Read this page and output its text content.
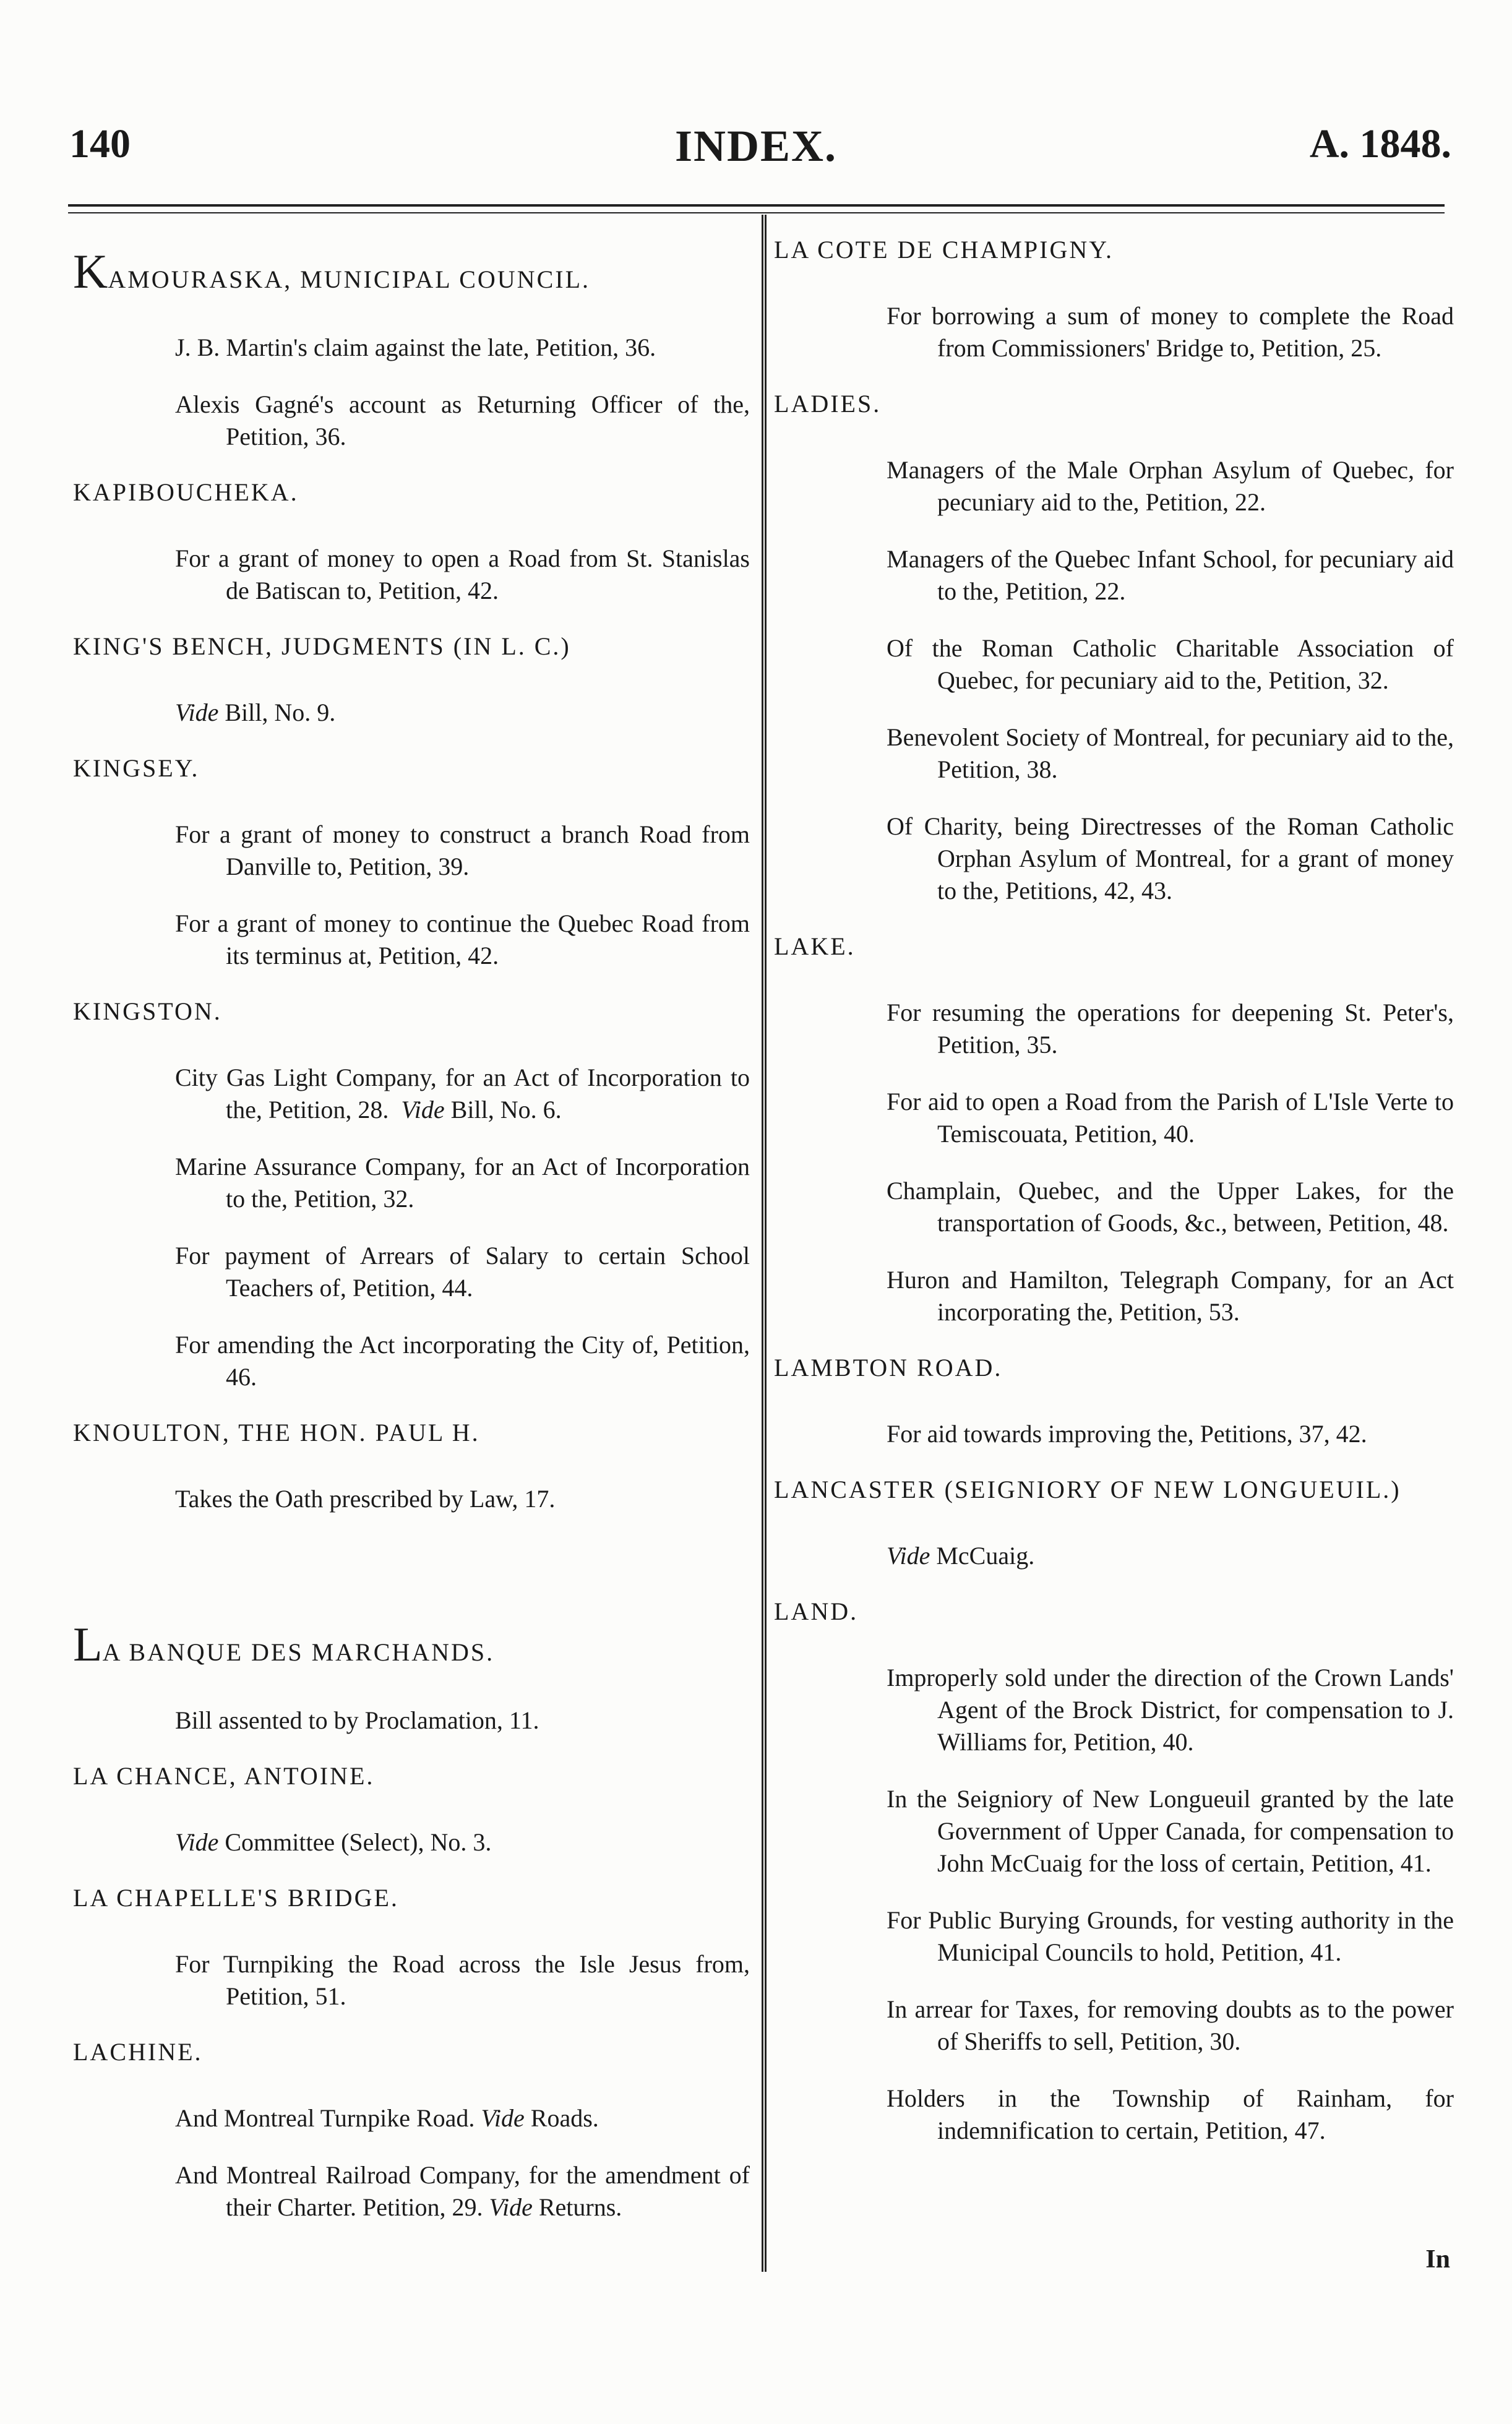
140	INDEX.	A. 1848.
KAMOURASKA, MUNICIPAL COUNCIL.

J. B. Martin's claim against the late, Petition, 36.

Alexis Gagné's account as Returning Officer of the, Petition, 36.

KAPIBOUCHEKA.

For a grant of money to open a Road from St. Stanislas de Batiscan to, Petition, 42.

KING'S BENCH, JUDGMENTS (IN L. C.)

Vide Bill, No. 9.

KINGSEY.

For a grant of money to construct a branch Road from Danville to, Petition, 39.

For a grant of money to continue the Quebec Road from its terminus at, Petition, 42.

KINGSTON.

City Gas Light Company, for an Act of Incorporation to the, Petition, 28. Vide Bill, No. 6.

Marine Assurance Company, for an Act of Incorporation to the, Petition, 32.

For payment of Arrears of Salary to certain School Teachers of, Petition, 44.

For amending the Act incorporating the City of, Petition, 46.

KNOULTON, THE HON. PAUL H.

Takes the Oath prescribed by Law, 17.

LA BANQUE DES MARCHANDS.

Bill assented to by Proclamation, 11.

LA CHANCE, ANTOINE.

Vide Committee (Select), No. 3.

LA CHAPELLE'S BRIDGE.

For Turnpiking the Road across the Isle Jesus from, Petition, 51.

LACHINE.

And Montreal Turnpike Road. Vide Roads.

And Montreal Railroad Company, for the amendment of their Charter. Petition, 29. Vide Returns.

LA COTE DE CHAMPIGNY.

For borrowing a sum of money to complete the Road from Commissioners' Bridge to, Petition, 25.

LADIES.

Managers of the Male Orphan Asylum of Quebec, for pecuniary aid to the, Petition, 22.

Managers of the Quebec Infant School, for pecuniary aid to the, Petition, 22.

Of the Roman Catholic Charitable Association of Quebec, for pecuniary aid to the, Petition, 32.

Benevolent Society of Montreal, for pecuniary aid to the, Petition, 38.

Of Charity, being Directresses of the Roman Catholic Orphan Asylum of Montreal, for a grant of money to the, Petitions, 42, 43.

LAKE.

For resuming the operations for deepening St. Peter's, Petition, 35.

For aid to open a Road from the Parish of L'Isle Verte to Temiscouata, Petition, 40.

Champlain, Quebec, and the Upper Lakes, for the transportation of Goods, &c., between, Petition, 48.

Huron and Hamilton, Telegraph Company, for an Act incorporating the, Petition, 53.

LAMBTON ROAD.

For aid towards improving the, Petitions, 37, 42.

LANCASTER (SEIGNIORY OF NEW LONGUEUIL.)

Vide McCuaig.

LAND.

Improperly sold under the direction of the Crown Lands' Agent of the Brock District, for compensation to J. Williams for, Petition, 40.

In the Seigniory of New Longueuil granted by the late Government of Upper Canada, for compensation to John McCuaig for the loss of certain, Petition, 41.

For Public Burying Grounds, for vesting authority in the Municipal Councils to hold, Petition, 41.

In arrear for Taxes, for removing doubts as to the power of Sheriffs to sell, Petition, 30.

Holders in the Township of Rainham, for indemnification to certain, Petition, 47.

In
